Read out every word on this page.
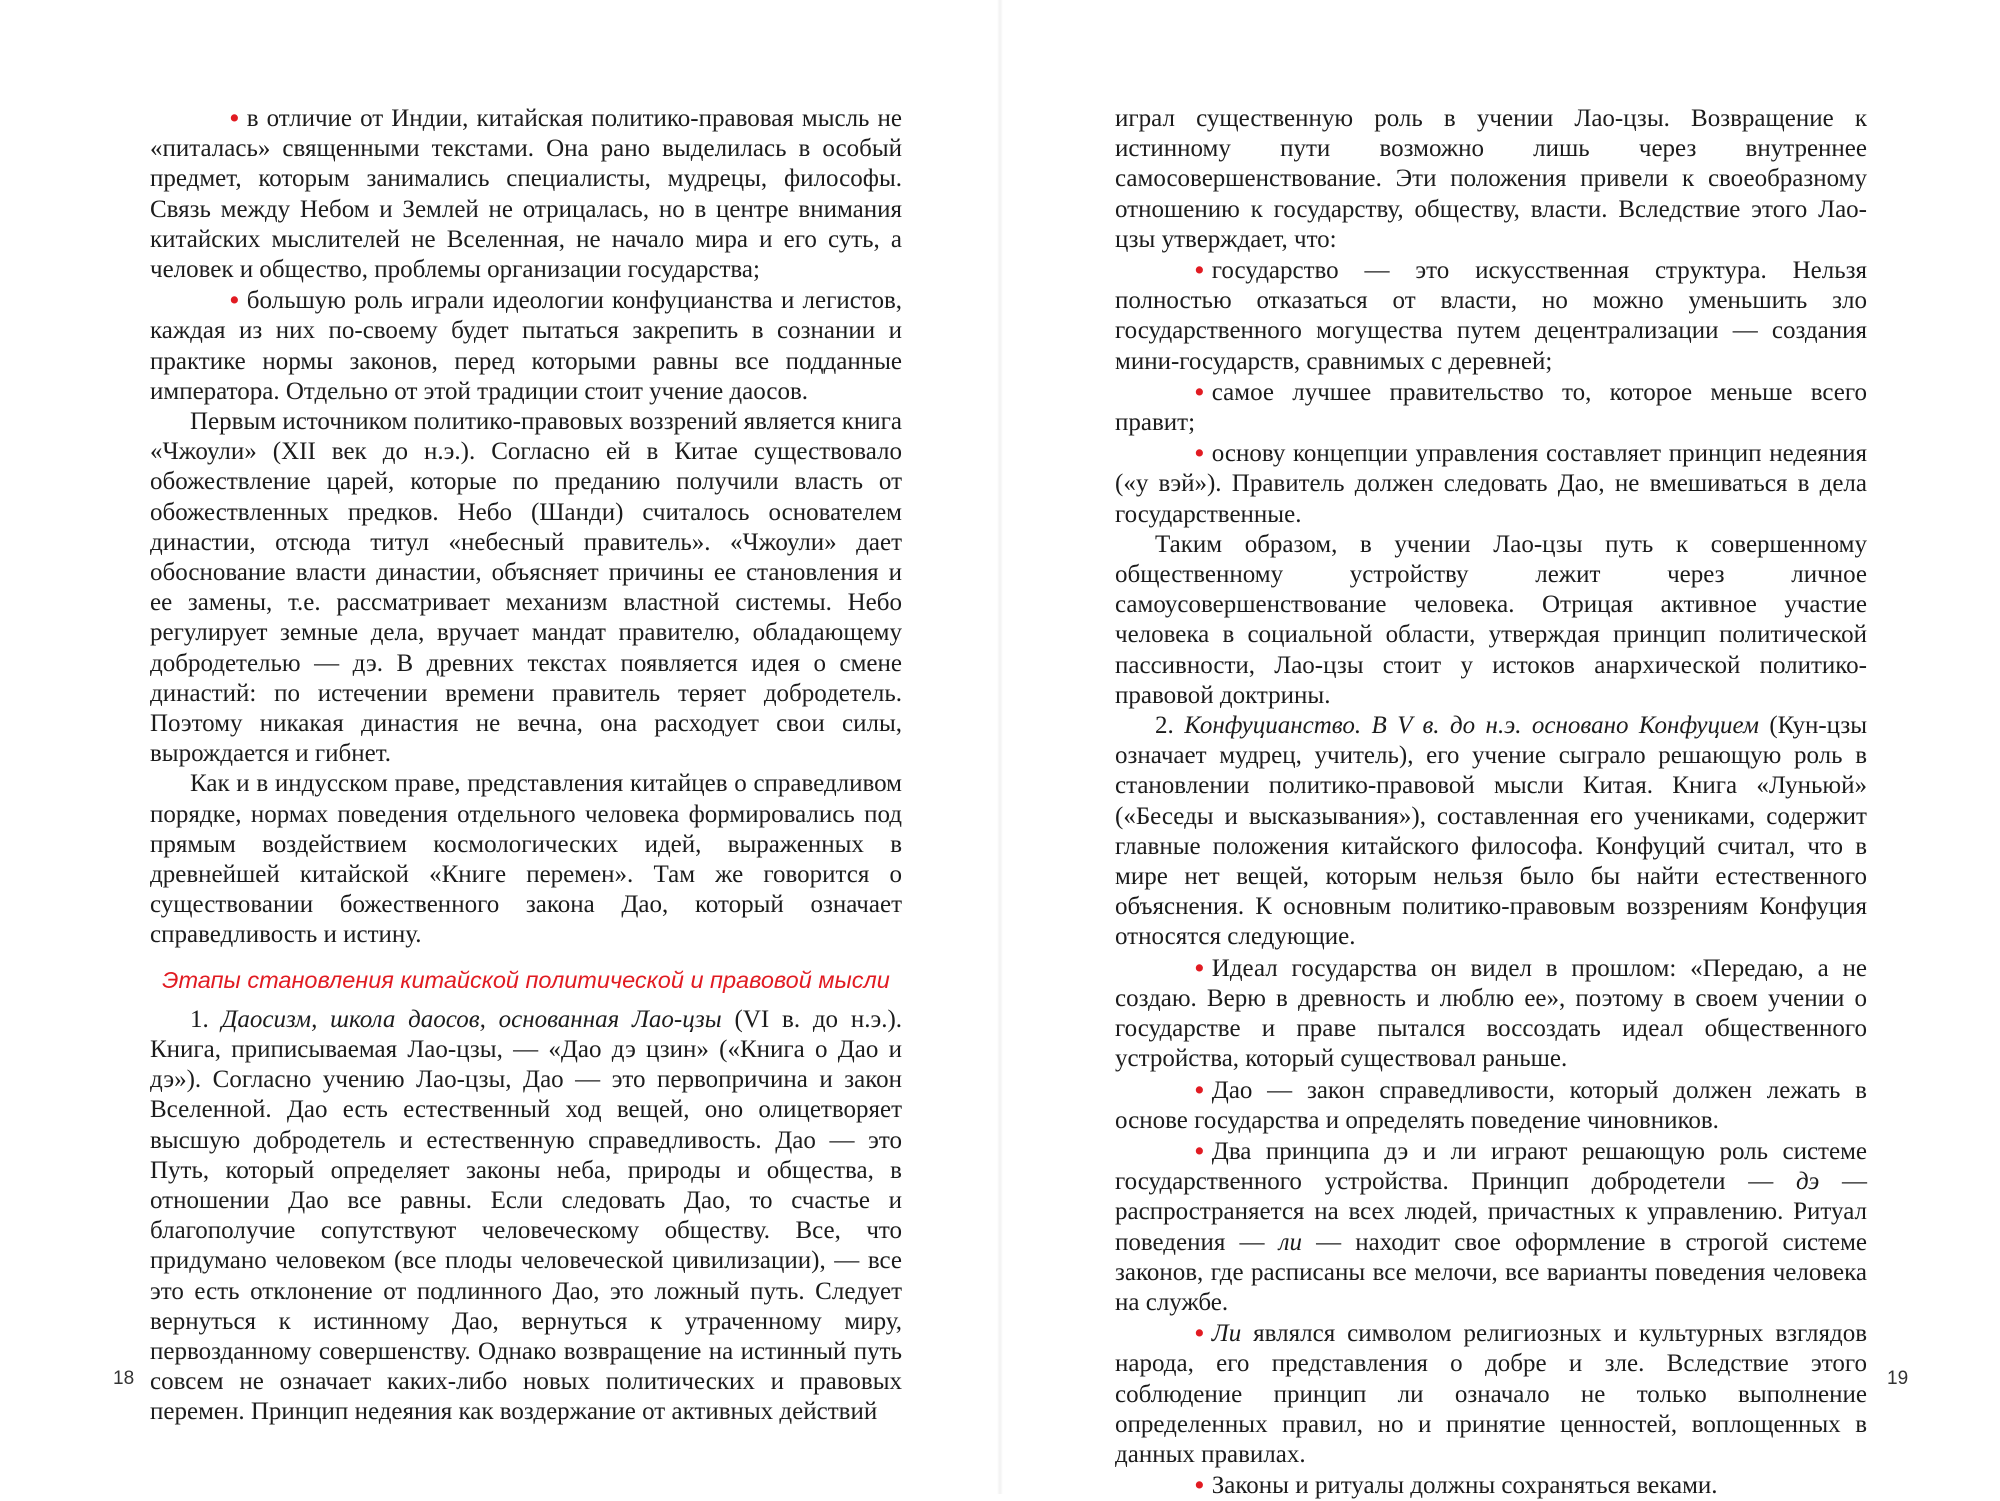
• в отличие от Индии, китайская политико-правовая мысль не «питалась» священными текстами. Она рано выделилась в особый предмет, которым занимались специалисты, мудрецы, философы. Связь между Небом и Землей не отрицалась, но в центре внимания китайских мыслителей не Вселенная, не начало мира и его суть, а человек и общество, проблемы организации государства;

• большую роль играли идеологии конфуцианства и легистов, каждая из них по-своему будет пытаться закрепить в сознании и практике нормы законов, перед которыми равны все подданные императора. Отдельно от этой традиции стоит учение даосов.

Первым источником политико-правовых воззрений является книга «Чжоули» (XII век до н.э.). Согласно ей в Китае существовало обожествление царей, которые по преданию получили власть от обожествленных предков. Небо (Шанди) считалось основателем династии, отсюда титул «небесный правитель». «Чжоули» дает обоснование власти династии, объясняет причины ее становления и ее замены, т.е. рассматривает механизм властной системы. Небо регулирует земные дела, вручает мандат правителю, обладающему добродетелью — дэ. В древних текстах появляется идея о смене династий: по истечении времени правитель теряет добродетель. Поэтому никакая династия не вечна, она расходует свои силы, вырождается и гибнет.

Как и в индусском праве, представления китайцев о справедливом порядке, нормах поведения отдельного человека формировались под прямым воздействием космологических идей, выраженных в древнейшей китайской «Книге перемен». Там же говорится о существовании божественного закона Дао, который означает справедливость и истину.

Этапы становления китайской политической и правовой мысли

1. Даосизм, школа даосов, основанная Лао-цзы (VI в. до н.э.). Книга, приписываемая Лао-цзы, — «Дао дэ цзин» («Книга о Дао и дэ»). Согласно учению Лао-цзы, Дао — это первопричина и закон Вселенной. Дао есть естественный ход вещей, оно олицетворяет высшую добродетель и естественную справедливость. Дао — это Путь, который определяет законы неба, природы и общества, в отношении Дао все равны. Если следовать Дао, то счастье и благополучие сопутствуют человеческому обществу. Все, что придумано человеком (все плоды человеческой цивилизации), — все это есть отклонение от подлинного Дао, это ложный путь. Следует вернуться к истинному Дао, вернуться к утраченному миру, первозданному совершенству. Однако возвращение на истинный путь совсем не означает каких-либо новых политических и правовых перемен. Принцип недеяния как воздержание от активных действий

18

играл существенную роль в учении Лао-цзы. Возвращение к истинному пути возможно лишь через внутреннее самосовершенствование. Эти положения привели к своеобразному отношению к государству, обществу, власти. Вследствие этого Лао-цзы утверждает, что:

• государство — это искусственная структура. Нельзя полностью отказаться от власти, но можно уменьшить зло государственного могущества путем децентрализации — создания мини-государств, сравнимых с деревней;

• самое лучшее правительство то, которое меньше всего правит;

• основу концепции управления составляет принцип недеяния («у вэй»). Правитель должен следовать Дао, не вмешиваться в дела государственные.

Таким образом, в учении Лао-цзы путь к совершенному общественному устройству лежит через личное самоусовершенствование человека. Отрицая активное участие человека в социальной области, утверждая принцип политической пассивности, Лао-цзы стоит у истоков анархической политико-правовой доктрины.

2. Конфуцианство. В V в. до н.э. основано Конфуцием (Кун-цзы означает мудрец, учитель), его учение сыграло решающую роль в становлении политико-правовой мысли Китая. Книга «Луньюй» («Беседы и высказывания»), составленная его учениками, содержит главные положения китайского философа. Конфуций считал, что в мире нет вещей, которым нельзя было бы найти естественного объяснения. К основным политико-правовым воззрениям Конфуция относятся следующие.

• Идеал государства он видел в прошлом: «Передаю, а не создаю. Верю в древность и люблю ее», поэтому в своем учении о государстве и праве пытался воссоздать идеал общественного устройства, который существовал раньше.

• Дао — закон справедливости, который должен лежать в основе государства и определять поведение чиновников.

• Два принципа дэ и ли играют решающую роль системе государственного устройства. Принцип добродетели — дэ — распространяется на всех людей, причастных к управлению. Ритуал поведения — ли — находит свое оформление в строгой системе законов, где расписаны все мелочи, все варианты поведения человека на службе.

• Ли являлся символом религиозных и культурных взглядов народа, его представления о добре и зле. Вследствие этого соблюдение принцип ли означало не только выполнение определенных правил, но и принятие ценностей, воплощенных в данных правилах.

• Законы и ритуалы должны сохраняться веками.

19
